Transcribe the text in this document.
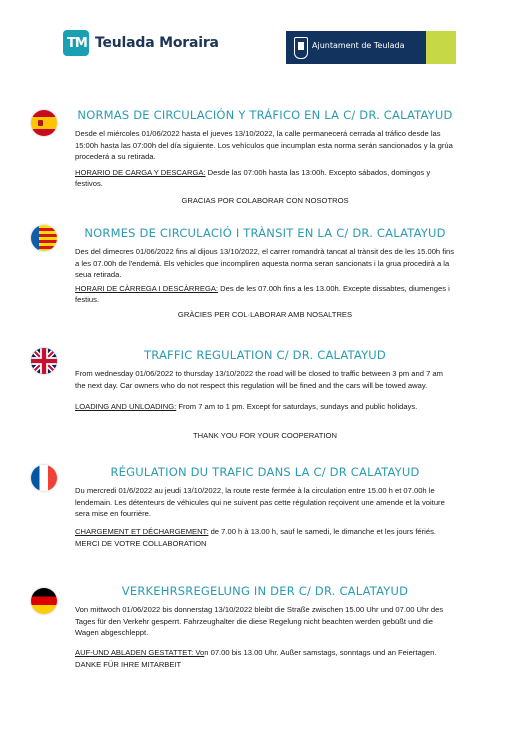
TM Teulada Moraira	Ajuntament de Teulada

NORMAS DE CIRCULACIÓN Y TRÁFICO EN LA C/ DR. CALATAYUD

Desde el miércoles 01/06/2022 hasta el jueves 13/10/2022, la calle permanecerá cerrada al tráfico desde las 15:00h hasta las 07:00h del día siguiente. Los vehículos que incumplan esta norma serán sancionados y la grúa procederá a su retirada.

HORARIO DE CARGA Y DESCARGA: Desde las 07:00h hasta las 13:00h. Excepto sábados, domingos y festivos.

GRACIAS POR COLABORAR CON NOSOTROS

NORMES DE CIRCULACIÓ I TRÀNSIT EN LA C/ DR. CALATAYUD

Des del dimecres 01/06/2022 fins al dijous 13/10/2022, el carrer romandrà tancat al trànsit des de les 15.00h fins a les 07.00h de l'endemà. Els vehicles que incompliren aquesta norma seran sancionats i la grua procedirà a la seua retirada.

HORARI DE CÀRREGA I DESCÀRREGA: Des de les 07.00h fins a les 13.00h. Excepte dissabtes, diumenges i festius.

GRÀCIES PER COL·LABORAR AMB NOSALTRES

TRAFFIC REGULATION C/ DR. CALATAYUD

From wednesday 01/06/2022 to thursday 13/10/2022 the road will be closed to traffic between 3 pm and 7 am the next day. Car owners who do not respect this regulation will be fined and the cars will be towed away.

LOADING AND UNLOADING: From 7 am to 1 pm. Except for saturdays, sundays and public holidays.

THANK YOU FOR YOUR COOPERATION

RÉGULATION DU TRAFIC DANS LA C/ DR CALATAYUD

Du mercredi 01/6/2022 au jeudi 13/10/2022, la route reste fermée à la circulation entre 15.00 h et 07.00h le lendemain. Les détenteurs de véhicules qui ne suivent pas cette régulation reçoivent une amende et la voiture sera mise en fourrière.

CHARGEMENT ET DÉCHARGEMENT: de 7.00 h à 13.00 h, sauf le samedi, le dimanche et les jours fériés.

MERCI DE VOTRE COLLABORATION

VERKEHRSREGELUNG IN DER C/ DR. CALATAYUD

Von mittwoch 01/06/2022 bis donnerstag 13/10/2022 bleibt die Straße zwischen 15.00 Uhr und 07.00 Uhr des Tages für den Verkehr gesperrt. Fahrzeughalter die diese Regelung nicht beachten werden gebüßt und die Wagen abgeschleppt.

AUF-UND ABLADEN GESTATTET: Von 07.00 bis 13.00 Uhr. Außer samstags, sonntags und an Feiertagen.

DANKE FÜR IHRE MITARBEIT
